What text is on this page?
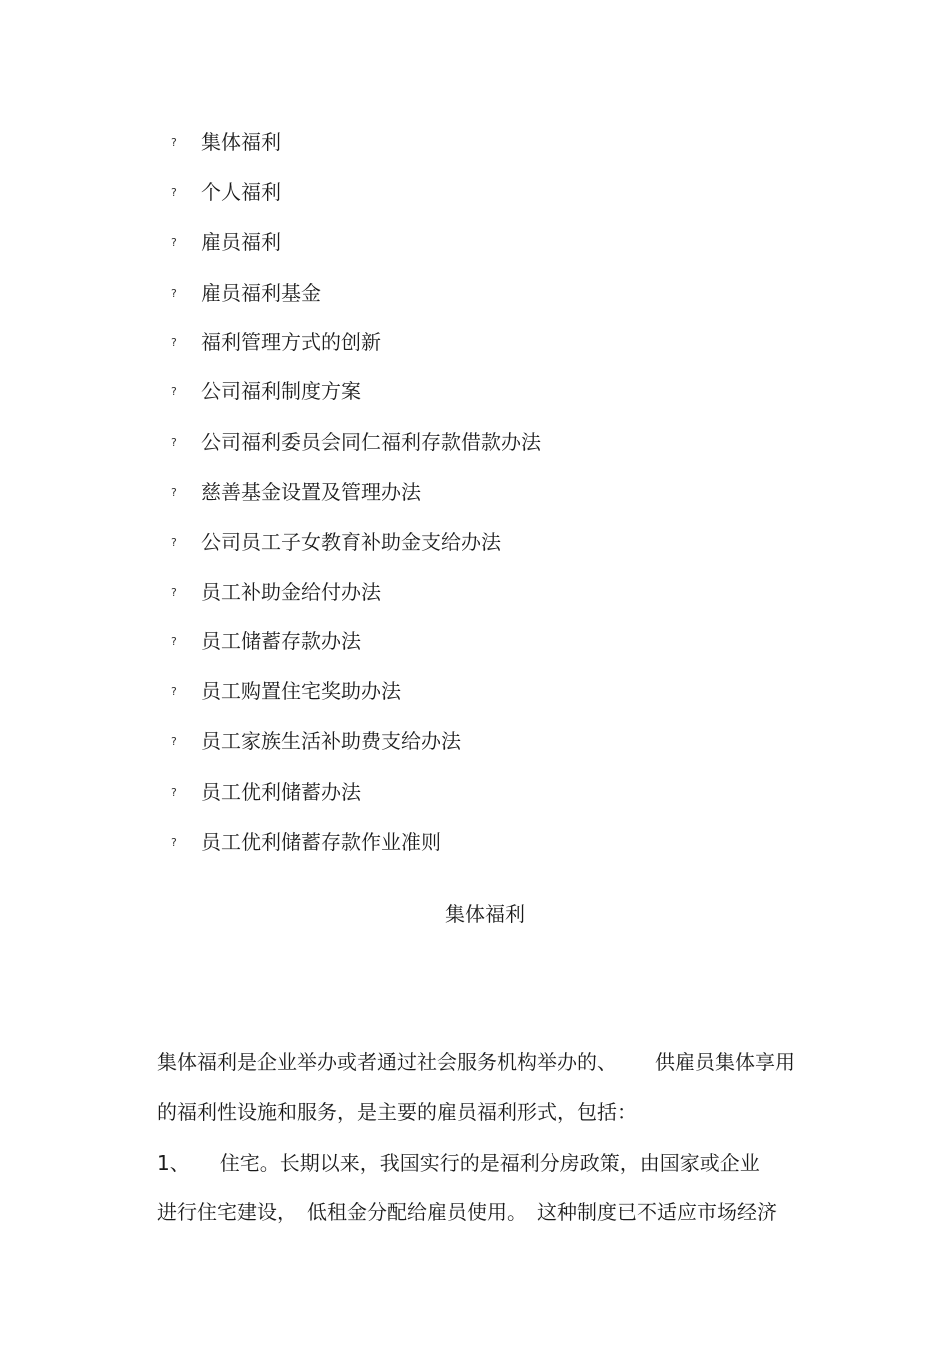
? 集体福利
? 个人福利
? 雇员福利
? 雇员福利基金
? 福利管理方式的创新
? 公司福利制度方案
? 公司福利委员会同仁福利存款借款办法
? 慈善基金设置及管理办法
? 公司员工子女教育补助金支给办法
? 员工补助金给付办法
? 员工储蓄存款办法
? 员工购置住宅奖助办法
? 员工家族生活补助费支给办法
? 员工优利储蓄办法
? 员工优利储蓄存款作业准则
集体福利
集体福利是企业举办或者通过社会服务机构举办的、 供雇员集体享用
的福利性设施和服务，是主要的雇员福利形式，包括：
1、 住宅。长期以来，我国实行的是福利分房政策，由国家或企业
进行住宅建设， 低租金分配给雇员使用。 这种制度已不适应市场经济
